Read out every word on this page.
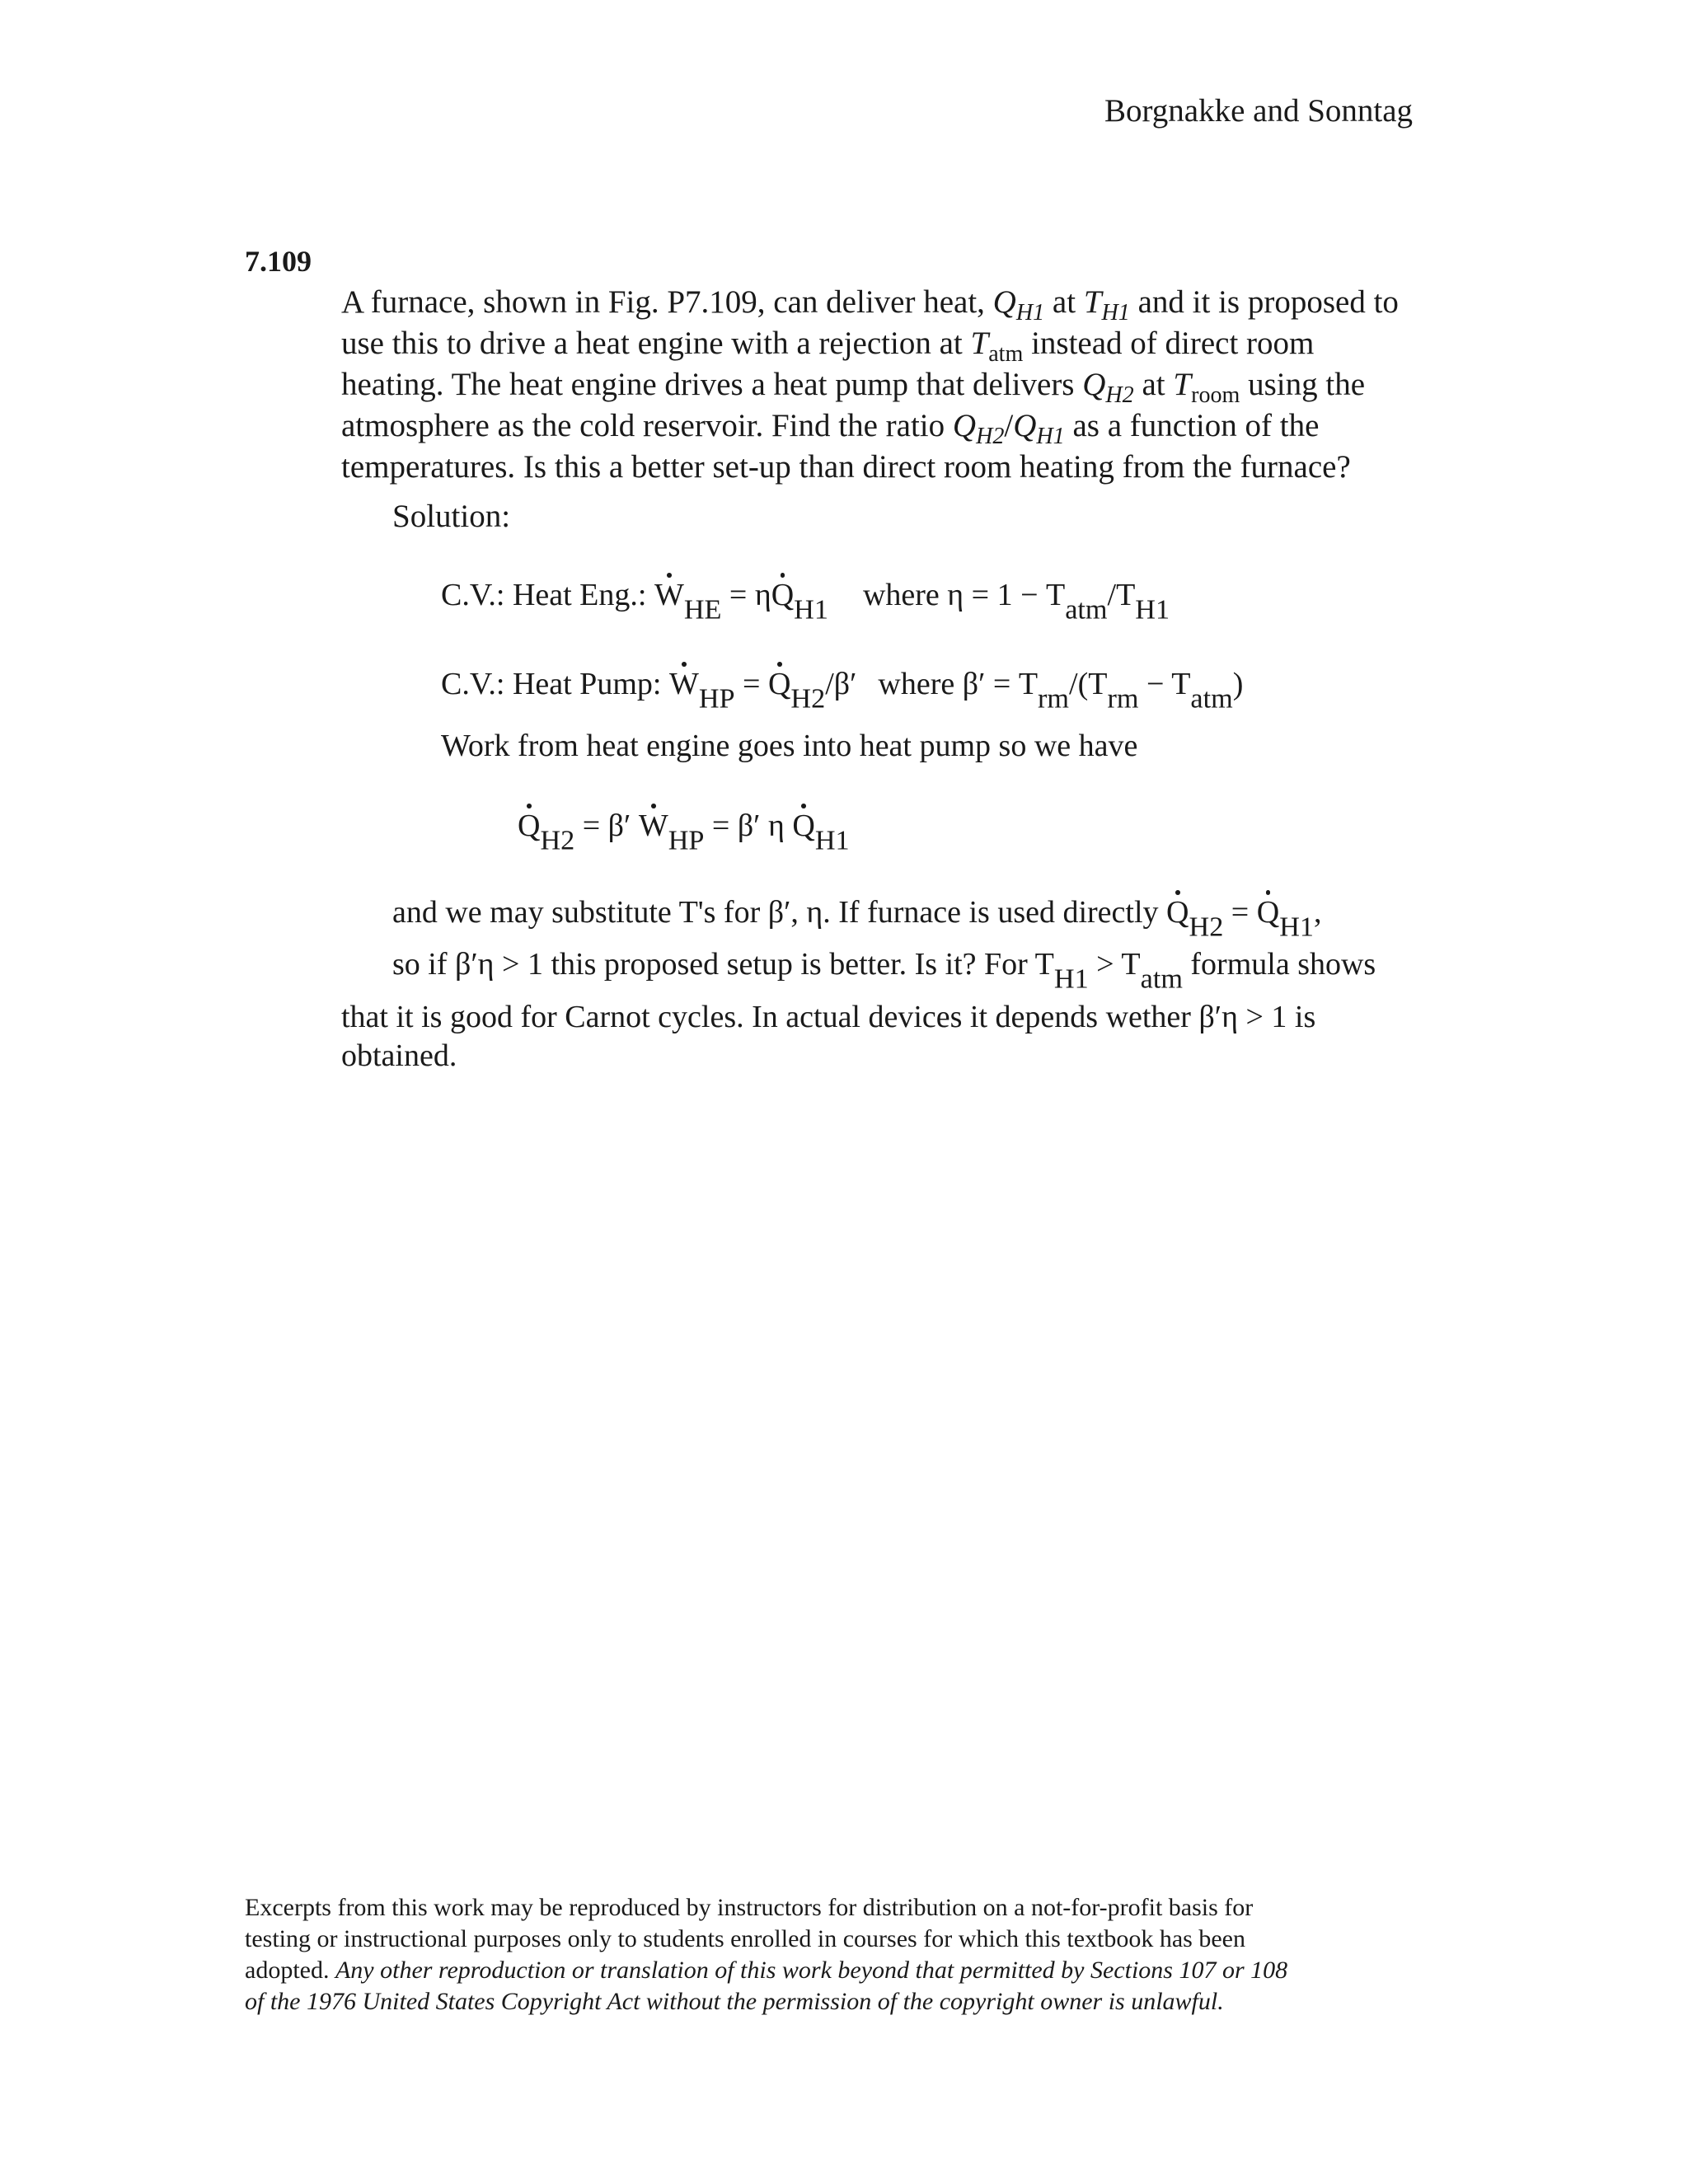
Borgnakke and Sonntag
7.109
A furnace, shown in Fig. P7.109, can deliver heat, $Q_{H1}$ at $T_{H1}$ and it is proposed to
use this to drive a heat engine with a rejection at $T_{atm}$ instead of direct room
heating. The heat engine drives a heat pump that delivers $Q_{H2}$ at $T_{room}$ using the
atmosphere as the cold reservoir. Find the ratio $Q_{H2}/Q_{H1}$ as a function of the
temperatures. Is this a better set-up than direct room heating from the furnace?
Solution:
C.V.: Heat Eng.: $W_{HE} = \eta Q_{H1}$ where $\eta = 1 - T_{atm}/T_{H1}$
C.V.: Heat Pump: $W_{HP} = Q_{H2}/\beta'$ where $\beta' = T_{rm}/(T_{rm} - T_{atm})$
Work from heat engine goes into heat pump so we have
$Q_{H2} = \beta'$ $W_{HP} = \beta'$ η $Q_{H1}$
and we may substitute T's for β′, η. If furnace is used directly $Q_{H2} = Q_{H1}$,
so if β′η > 1 this proposed setup is better. Is it? For $T_{H1} > T_{atm}$ formula shows
that it is good for Carnot cycles. In actual devices it depends wether β′η > 1 is
obtained.
Excerpts from this work may be reproduced by instructors for distribution on a not-for-profit basis for
testing or instructional purposes only to students enrolled in courses for which this textbook has been
adopted. Any other reproduction or translation of this work beyond that permitted by Sections 107 or 108
of the 1976 United States Copyright Act without the permission of the copyright owner is unlawful.
